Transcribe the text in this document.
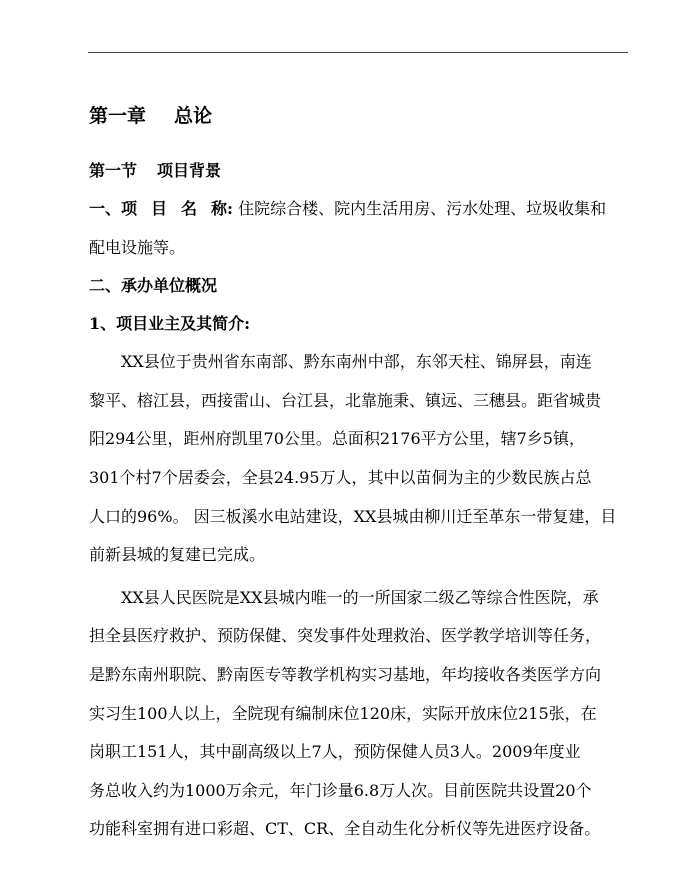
第一章 总论
第一节 项目背景
一、项 目 名 称: 住院综合楼、院内生活用房、污水处理、垃圾收集和
配电设施等。
二、承办单位概况
1、项目业主及其简介:
XX县位于贵州省东南部、黔东南州中部，东邻天柱、锦屏县，南连
黎平、榕江县，西接雷山、台江县，北靠施秉、镇远、三穗县。距省城贵
阳294公里，距州府凯里70公里。总面积2176平方公里，辖7乡5镇，
301个村7个居委会，全县24.95万人，其中以苗侗为主的少数民族占总
人口的96%。 因三板溪水电站建设，XX县城由柳川迁至革东一带复建，目
前新县城的复建已完成。
XX县人民医院是XX县城内唯一的一所国家二级乙等综合性医院，承
担全县医疗救护、预防保健、突发事件处理救治、医学教学培训等任务，
是黔东南州职院、黔南医专等教学机构实习基地，年均接收各类医学方向
实习生100人以上，全院现有编制床位120床，实际开放床位215张，在
岗职工151人，其中副高级以上7人，预防保健人员3人。2009年度业
务总收入约为1000万余元，年门诊量6.8万人次。目前医院共设置20个
功能科室拥有进口彩超、CT、CR、全自动生化分析仪等先进医疗设备。
